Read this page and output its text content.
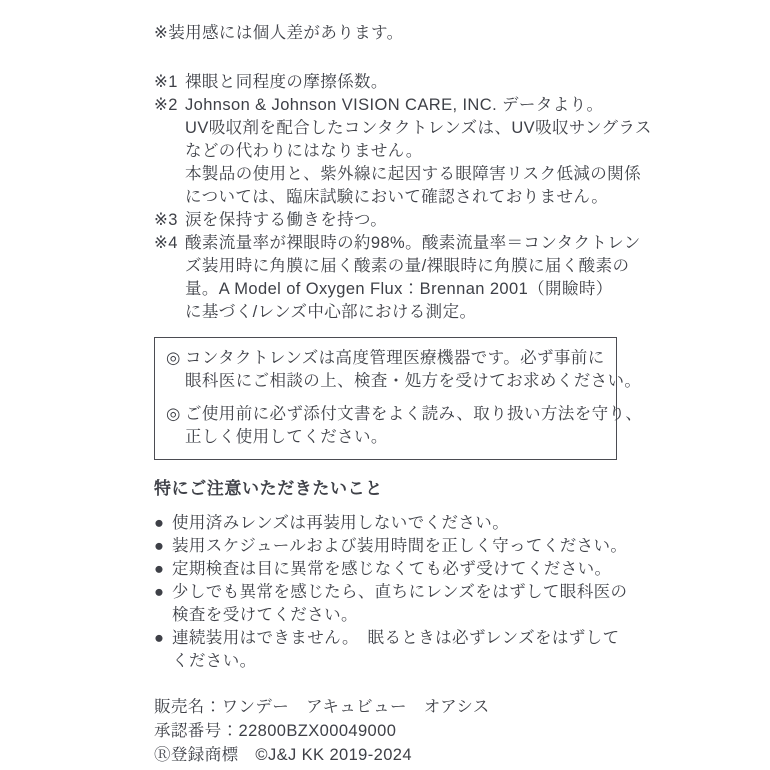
※装用感には個人差があります。

※1 裸眼と同程度の摩擦係数。
※2 Johnson & Johnson VISION CARE, INC. データより。
UV吸収剤を配合したコンタクトレンズは、UV吸収サングラス
などの代わりにはなりません。
本製品の使用と、紫外線に起因する眼障害リスク低減の関係
については、臨床試験において確認されておりません。
※3 涙を保持する働きを持つ。
※4 酸素流量率が裸眼時の約98%。酸素流量率＝コンタクトレン
ズ装用時に角膜に届く酸素の量/裸眼時に角膜に届く酸素の
量。A Model of Oxygen Flux：Brennan 2001（開瞼時）
に基づく/レンズ中心部における測定。
◎ コンタクトレンズは高度管理医療機器です。必ず事前に
眼科医にご相談の上、検査・処方を受けてお求めください。
◎ ご使用前に必ず添付文書をよく読み、取り扱い方法を守り、
正しく使用してください。
特にご注意いただきたいこと
● 使用済みレンズは再装用しないでください。
● 装用スケジュールおよび装用時間を正しく守ってください。
● 定期検査は目に異常を感じなくても必ず受けてください。
● 少しでも異常を感じたら、直ちにレンズをはずして眼科医の
検査を受けてください。
● 連続装用はできません。　眠るときは必ずレンズをはずして
ください。
販売名：ワンデー　アキュビュー　オアシス
承認番号：22800BZX00049000
Ⓡ登録商標　©J&J KK 2019-2024
